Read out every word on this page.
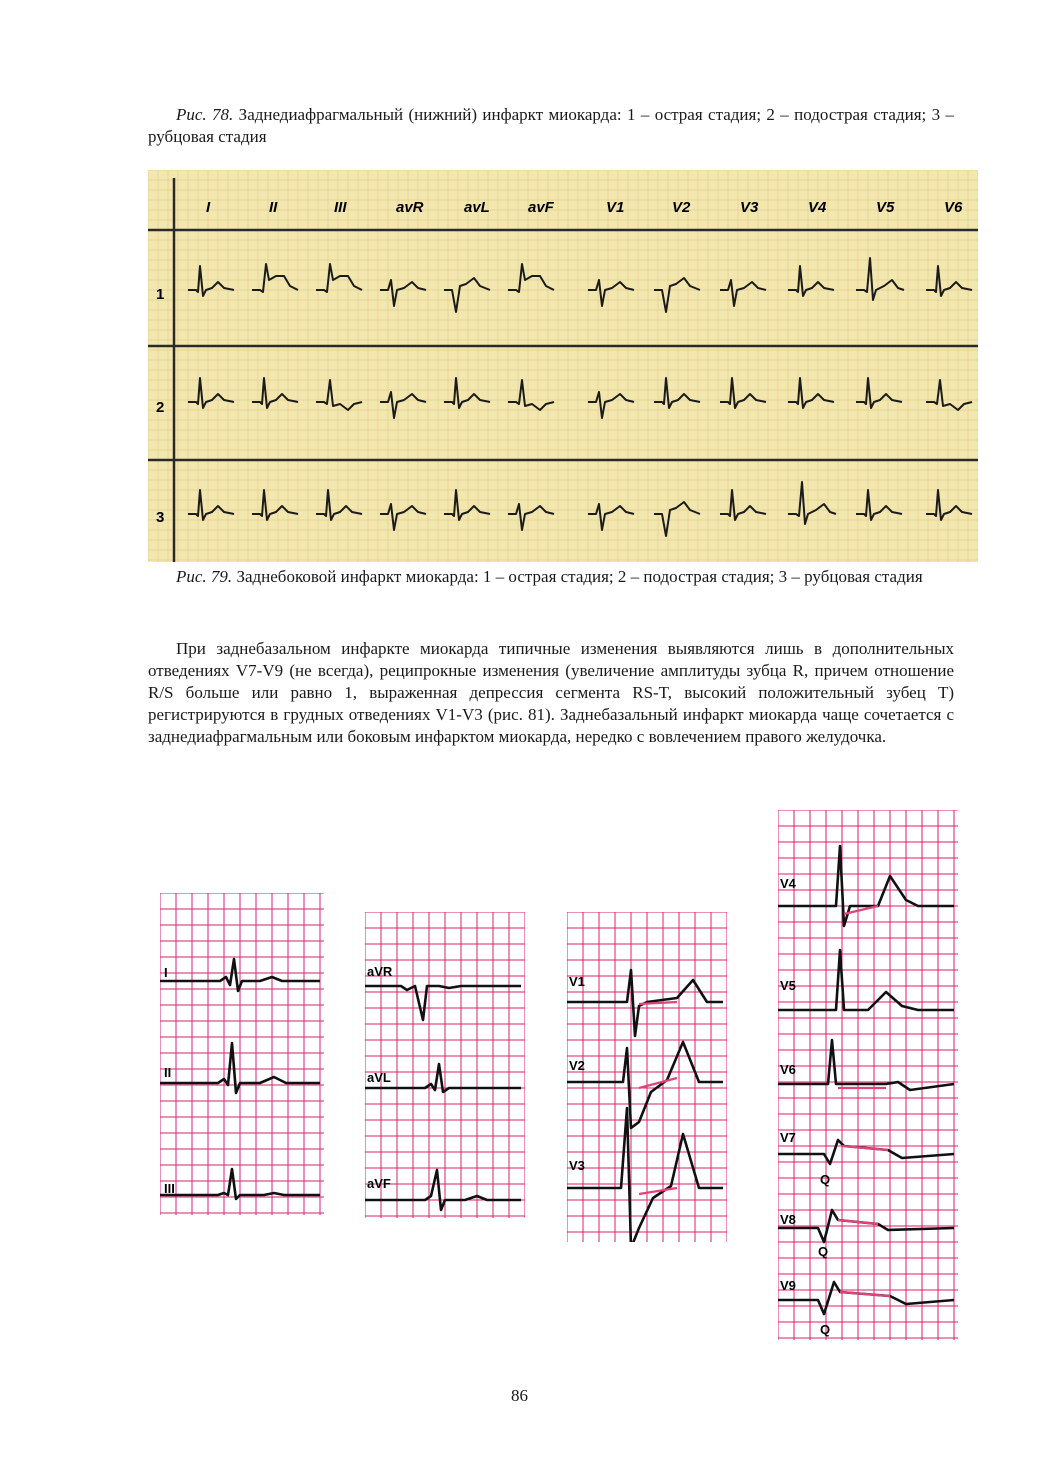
Рис. 78. Заднедиафрагмальный (нижний) инфаркт миокарда: 1 – острая стадия; 2 – подострая стадия; 3 – рубцовая стадия
I	II	III	avR	avL	avF	V1	V2	V3	V4	V5	V6
1
2
3
Рис. 79. Заднебоковой инфаркт миокарда: 1 – острая стадия; 2 – подострая стадия; 3 – рубцовая стадия
При заднебазальном инфаркте миокарда типичные изменения выявляются лишь в дополнительных отведениях V7-V9 (не всегда), реципрокные изменения (увеличение амплитуды зубца R, причем отношение R/S больше или равно 1, выраженная депрессия сегмента RS-T, высокий положительный зубец T) регистрируются в грудных отведениях V1-V3 (рис. 81). Заднебазальный инфаркт миокарда чаще сочетается с заднедиафрагмальным или боковым инфарктом миокарда, нередко с вовлечением правого желудочка.
I
II
III
aVR
aVL
aVF
V1
V2
V3
V4
V5
V6
V7
V8
V9
Q
Q
Q
86
